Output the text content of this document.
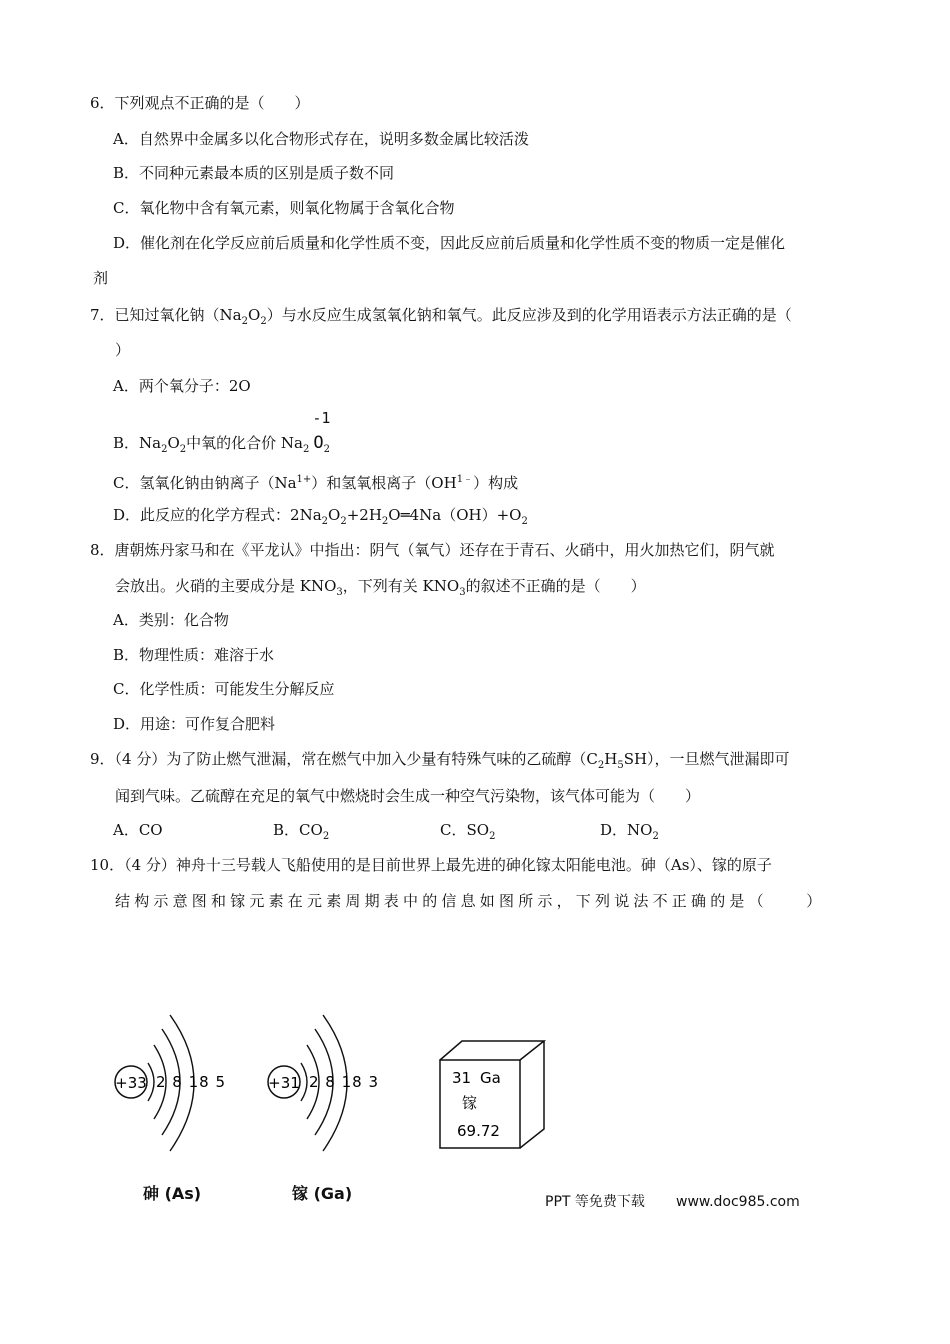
6．下列观点不正确的是（　　）
A．自然界中金属多以化合物形式存在，说明多数金属比较活泼
B．不同种元素最本质的区别是质子数不同
C．氧化物中含有氧元素，则氧化物属于含氧化合物
D．催化剂在化学反应前后质量和化学性质不变，因此反应前后质量和化学性质不变的物质一定是催化
剂
7．已知过氧化钠$(Na_2O_2)$与水反应生成氢氧化钠和氧气。此反应涉及到的化学用语表示方法正确的是（
）
A．两个氧分子：2O
B．$Na_2O_2$中氧的化合价 $Na_2$
-1
$O_2$
C．氢氧化钠由钠离子$(Na^{1+})$和氢氧根离子$(OH^{1﹣})$构成
D．此反应的化学方程式：$2Na_2O_2+2H_2O═4Na(OH)+O_2$
8．唐朝炼丹家马和在《平龙认》中指出：阴气（氧气）还存在于青石、火硝中，用火加热它们，阴气就
会放出。火硝的主要成分是 $KNO_3$，下列有关 $KNO_3$的叙述不正确的是（　　）
A．类别：化合物
B．物理性质：难溶于水
C．化学性质：可能发生分解反应
D．用途：可作复合肥料
9．（4 分）为了防止燃气泄漏，常在燃气中加入少量有特殊气味的乙硫醇$(C_2H_5SH)$，一旦燃气泄漏即可
闻到气味。乙硫醇在充足的氧气中燃烧时会生成一种空气污染物，该气体可能为（　　）
A．CO	B．$CO_2$	C．$SO_2$	D．$NO_2$
10．（4 分）神舟十三号载人飞船使用的是目前世界上最先进的砷化镓太阳能电池。砷（As）、镓的原子
结构示意图和镓元素在元素周期表中的信息如图所示，下列说法不正确的是（　　）
+33 2 8 18 5	+31 2 8 18 3	31 Ga
镓
69.72
砷 (As)	镓 (Ga)	PPT 等免费下载 www.doc985.com
